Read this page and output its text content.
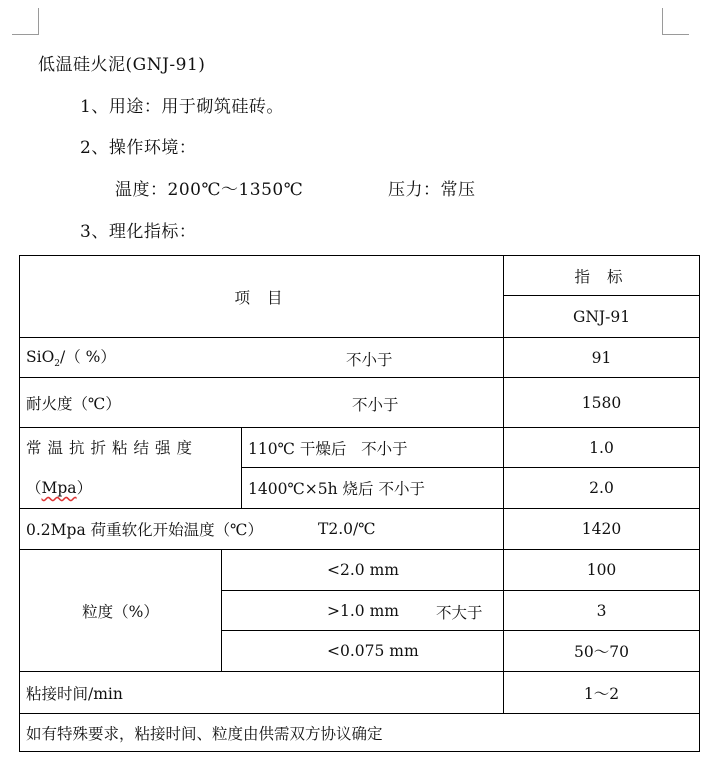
低温硅火泥(GNJ-91)
1、用途：用于砌筑硅砖。
2、操作环境：
温度：200℃～1350℃	压力：常压
3、理化指标：
项 目			指 标
			GNJ-91
SiO$_2$/（ %） 不小于			91
耐火度（℃） 不小于			1580

常温抗折粘结强度
（Mpa）		110℃ 干燥后   不小于	1.0
		1400℃×5h 烧后 不小于	2.0
0.2Mpa 荷重软化开始温度（℃） T2.0/℃			1420
粒度（%）	<2.0 mm		100
	>1.0 mm 不大于		3
	<0.075 mm		50～70
粘接时间/min			1～2
如有特殊要求，粘接时间、粒度由供需双方协议确定			
